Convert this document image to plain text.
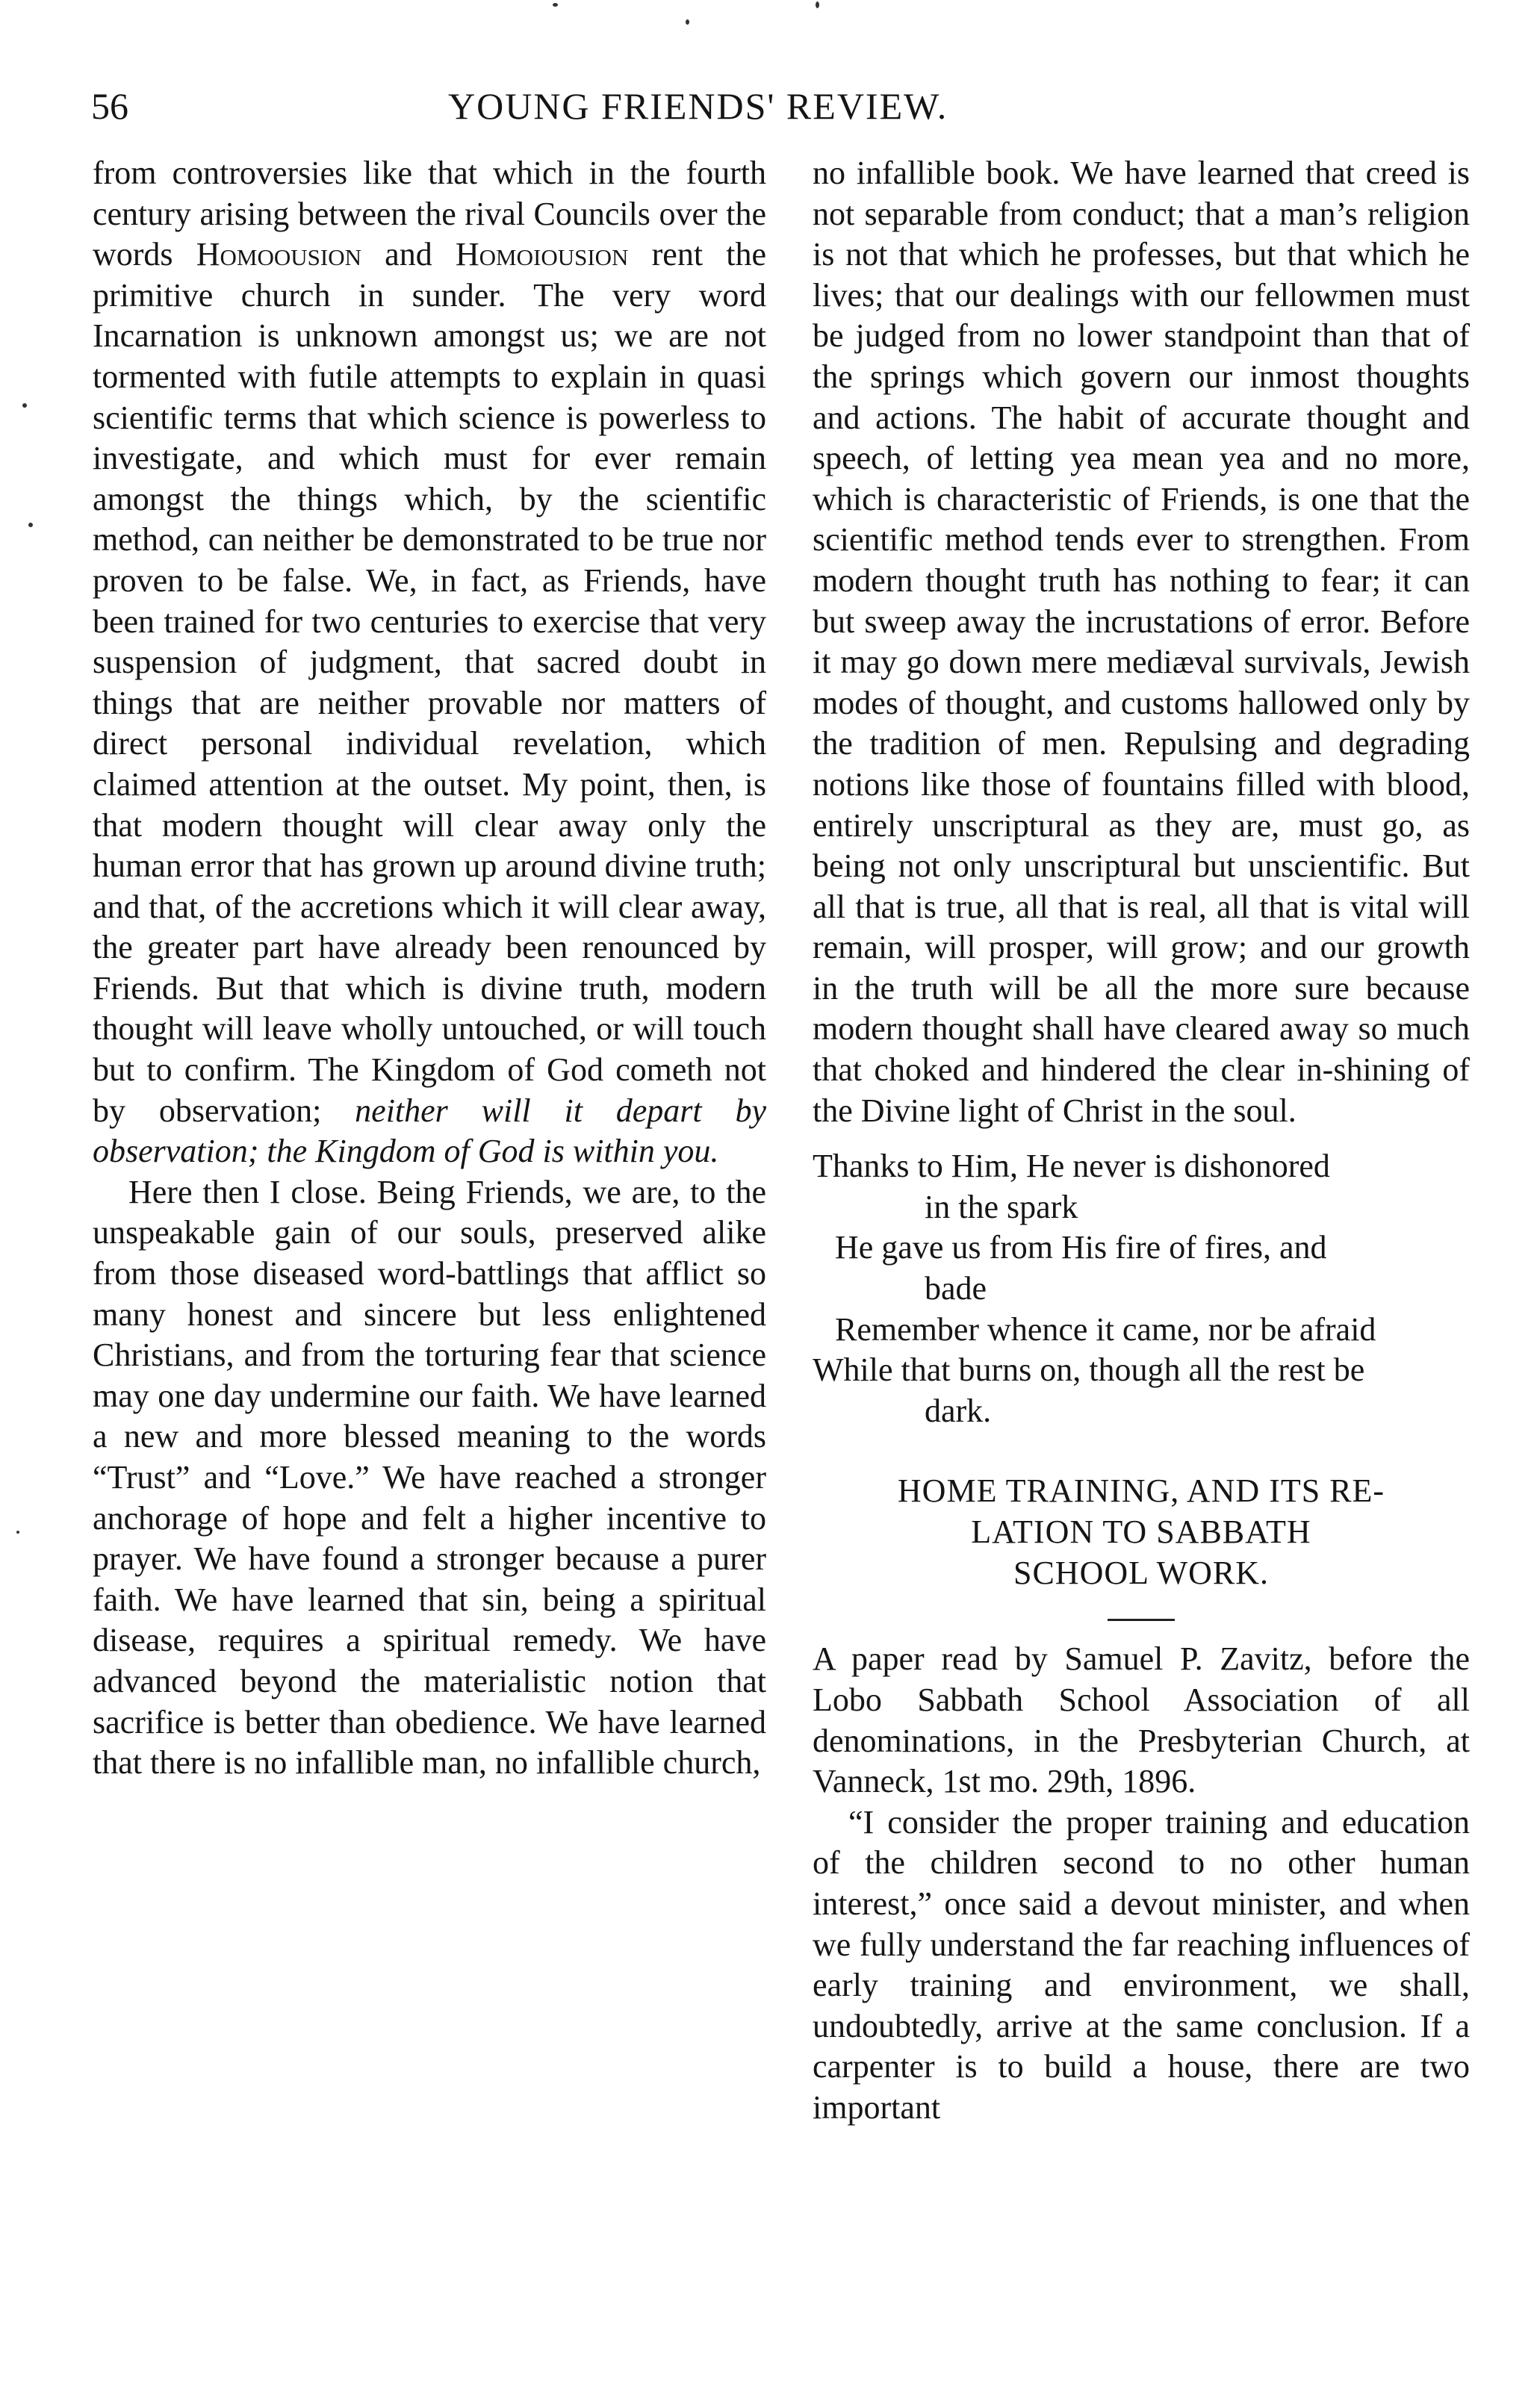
56	YOUNG FRIENDS' REVIEW.

from controversies like that which in the fourth century arising between the rival Councils over the words Homoousion and Homoiousion rent the primitive church in sunder. The very word Incarnation is unknown amongst us; we are not tormented with futile attempts to explain in quasi scientific terms that which science is powerless to investigate, and which must for ever remain amongst the things which, by the scientific method, can neither be demonstrated to be true nor proven to be false. We, in fact, as Friends, have been trained for two centuries to exercise that very suspension of judgment, that sacred doubt in things that are neither provable nor matters of direct personal individual revelation, which claimed attention at the outset. My point, then, is that modern thought will clear away only the human error that has grown up around divine truth; and that, of the accretions which it will clear away, the greater part have already been renounced by Friends. But that which is divine truth, modern thought will leave wholly untouched, or will touch but to confirm. The Kingdom of God cometh not by observation; neither will it depart by observation; the Kingdom of God is within you.

Here then I close. Being Friends, we are, to the unspeakable gain of our souls, preserved alike from those diseased word-battlings that afflict so many honest and sincere but less enlightened Christians, and from the torturing fear that science may one day undermine our faith. We have learned a new and more blessed meaning to the words “Trust” and “Love.” We have reached a stronger anchorage of hope and felt a higher incentive to prayer. We have found a stronger because a purer faith. We have learned that sin, being a spiritual disease, requires a spiritual remedy. We have advanced beyond the materialistic notion that sacrifice is better than obedience. We have learned that there is no infallible man, no infallible church,

no infallible book. We have learned that creed is not separable from conduct; that a man’s religion is not that which he professes, but that which he lives; that our dealings with our fellowmen must be judged from no lower standpoint than that of the springs which govern our inmost thoughts and actions. The habit of accurate thought and speech, of letting yea mean yea and no more, which is characteristic of Friends, is one that the scientific method tends ever to strengthen. From modern thought truth has nothing to fear; it can but sweep away the incrustations of error. Before it may go down mere mediæval survivals, Jewish modes of thought, and customs hallowed only by the tradition of men. Repulsing and degrading notions like those of fountains filled with blood, entirely unscriptural as they are, must go, as being not only unscriptural but unscientific. But all that is true, all that is real, all that is vital will remain, will prosper, will grow; and our growth in the truth will be all the more sure because modern thought shall have cleared away so much that choked and hindered the clear in-shining of the Divine light of Christ in the soul.

Thanks to Him, He never is dishonored

in the spark

He gave us from His fire of fires, and

bade

Remember whence it came, nor be afraid

While that burns on, though all the rest be

dark.

HOME TRAINING, AND ITS RE-
LATION TO SABBATH
SCHOOL WORK.

A paper read by Samuel P. Zavitz, before the Lobo Sabbath School Association of all denominations, in the Presbyterian Church, at Vanneck, 1st mo. 29th, 1896.

“I consider the proper training and education of the children second to no other human interest,” once said a devout minister, and when we fully understand the far reaching influences of early training and environment, we shall, undoubtedly, arrive at the same conclusion. If a carpenter is to build a house, there are two important
